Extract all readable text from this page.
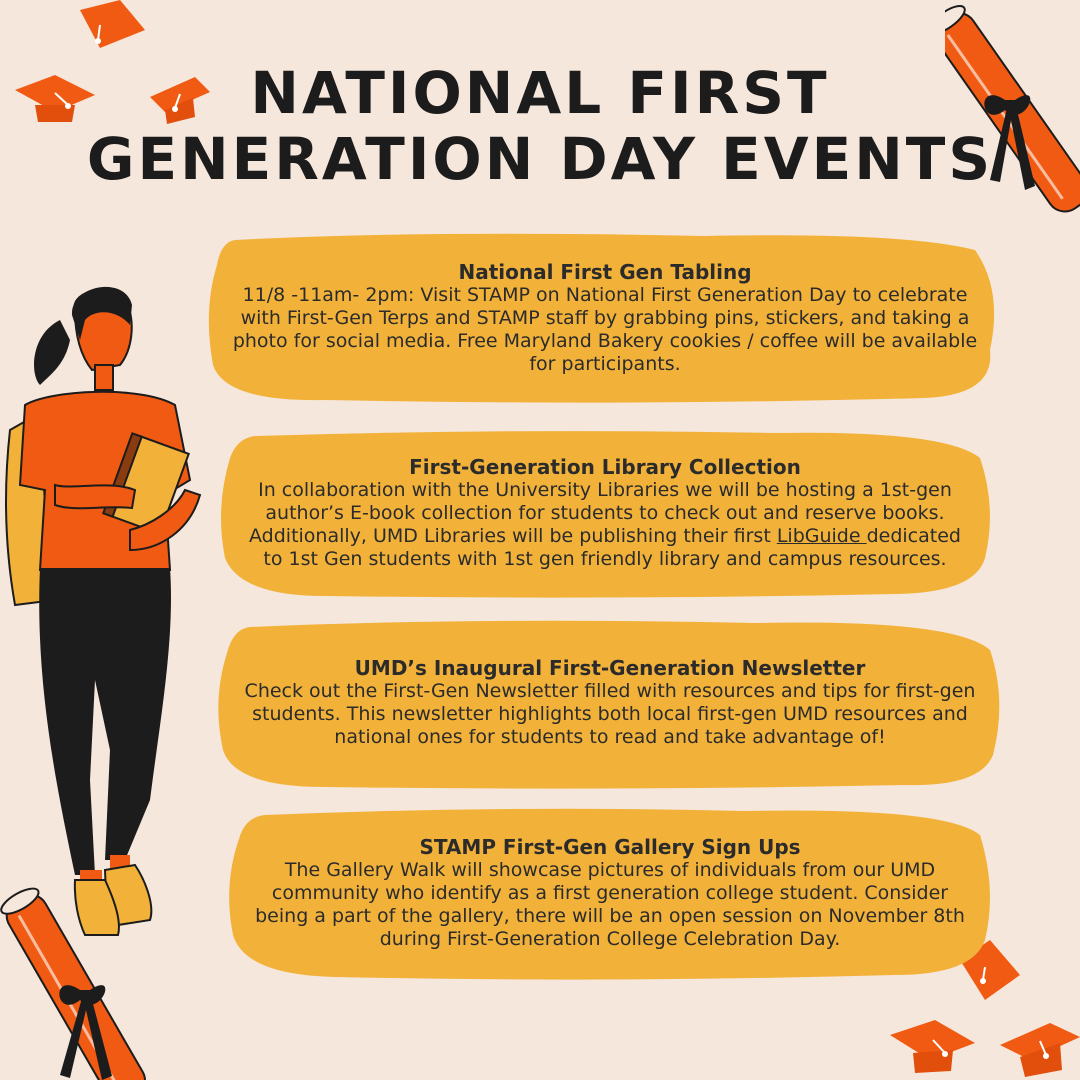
NATIONAL FIRST
GENERATION DAY EVENTS
National First Gen Tabling

11/8 -11am- 2pm: Visit STAMP on National First Generation Day to celebrate with First-Gen Terps and STAMP staff by grabbing pins, stickers, and taking a photo for social media. Free Maryland Bakery cookies / coffee will be available for participants.

First-Generation Library Collection

In collaboration with the University Libraries we will be hosting a 1st-gen author’s E-book collection for students to check out and reserve books. Additionally, UMD Libraries will be publishing their first LibGuide dedicated to 1st Gen students with 1st gen friendly library and campus resources.

UMD’s Inaugural First-Generation Newsletter

Check out the First-Gen Newsletter filled with resources and tips for first-gen students. This newsletter highlights both local first-gen UMD resources and national ones for students to read and take advantage of!

STAMP First-Gen Gallery Sign Ups

The Gallery Walk will showcase pictures of individuals from our UMD community who identify as a first generation college student. Consider being a part of the gallery, there will be an open session on November 8th during First-Generation College Celebration Day.
